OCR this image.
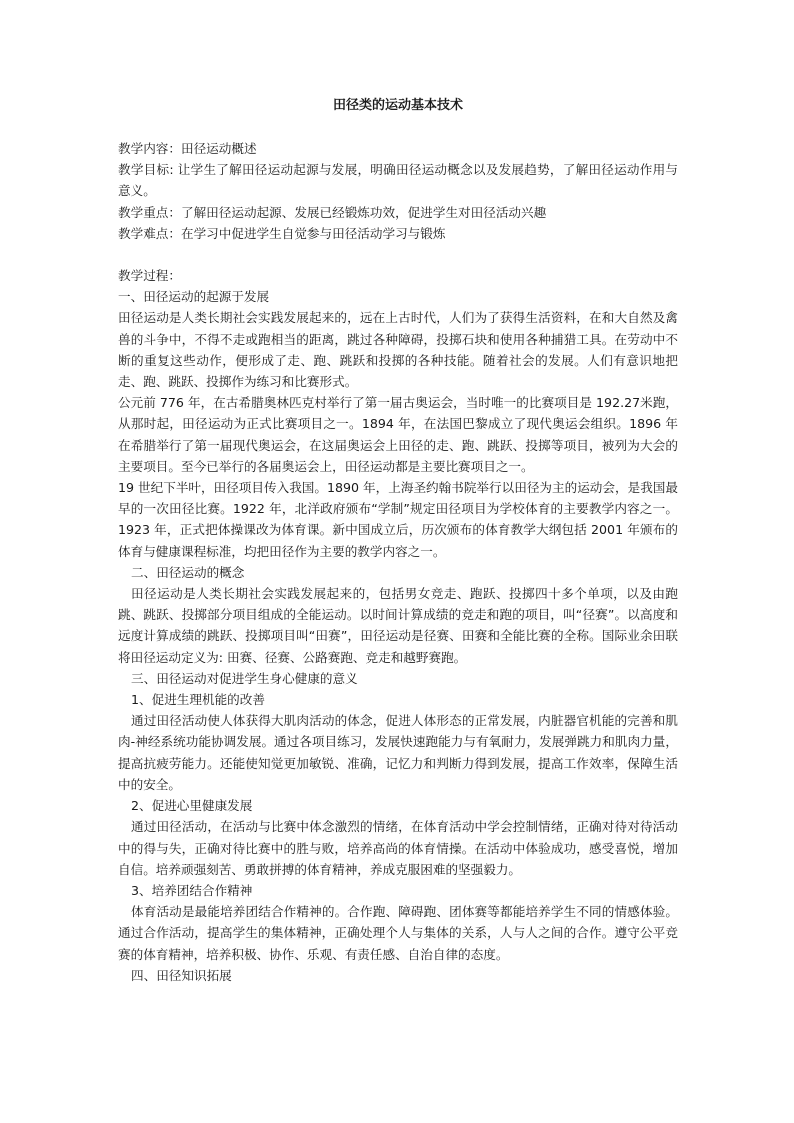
田径类的运动基本技术

教学内容：田径运动概述

教学目标: 让学生了解田径运动起源与发展，明确田径运动概念以及发展趋势，了解田径运动作用与意义。

教学重点：了解田径运动起源、发展已经锻炼功效，促进学生对田径活动兴趣

教学难点：在学习中促进学生自觉参与田径活动学习与锻炼

教学过程：

一、田径运动的起源于发展

田径运动是人类长期社会实践发展起来的，远在上古时代，人们为了获得生活资料，在和大自然及禽兽的斗争中，不得不走或跑相当的距离，跳过各种障碍，投掷石块和使用各种捕猎工具。在劳动中不断的重复这些动作，便形成了走、跑、跳跃和投掷的各种技能。随着社会的发展。人们有意识地把走、跑、跳跃、投掷作为练习和比赛形式。

公元前 776 年，在古希腊奥林匹克村举行了第一届古奥运会，当时唯一的比赛项目是 192.27米跑，从那时起，田径运动为正式比赛项目之一。1894 年，在法国巴黎成立了现代奥运会组织。1896 年在希腊举行了第一届现代奥运会，在这届奥运会上田径的走、跑、跳跃、投掷等项目，被列为大会的主要项目。至今已举行的各届奥运会上，田径运动都是主要比赛项目之一。

19 世纪下半叶，田径项目传入我国。1890 年，上海圣约翰书院举行以田径为主的运动会，是我国最早的一次田径比赛。1922 年，北洋政府颁布“学制”规定田径项目为学校体育的主要教学内容之一。1923 年，正式把体操课改为体育课。新中国成立后，历次颁布的体育教学大纲包括 2001 年颁布的体育与健康课程标准，均把田径作为主要的教学内容之一。

二、田径运动的概念

田径运动是人类长期社会实践发展起来的，包括男女竞走、跑跃、投掷四十多个单项，以及由跑跳、跳跃、投掷部分项目组成的全能运动。以时间计算成绩的竞走和跑的项目，叫“径赛”。以高度和远度计算成绩的跳跃、投掷项目叫“田赛”，田径运动是径赛、田赛和全能比赛的全称。国际业余田联将田径运动定义为: 田赛、径赛、公路赛跑、竞走和越野赛跑。

三、田径运动对促进学生身心健康的意义

1、促进生理机能的改善

通过田径活动使人体获得大肌肉活动的体念，促进人体形态的正常发展，内脏器官机能的完善和肌肉-神经系统功能协调发展。通过各项目练习，发展快速跑能力与有氧耐力，发展弹跳力和肌肉力量，提高抗疲劳能力。还能使知觉更加敏锐、准确，记忆力和判断力得到发展，提高工作效率，保障生活中的安全。

2、促进心里健康发展

通过田径活动，在活动与比赛中体念激烈的情绪，在体育活动中学会控制情绪，正确对待对待活动中的得与失，正确对待比赛中的胜与败，培养高尚的体育情操。在活动中体验成功，感受喜悦，增加自信。培养顽强刻苦、勇敢拼搏的体育精神，养成克服困难的坚强毅力。

3、培养团结合作精神

体育活动是最能培养团结合作精神的。合作跑、障碍跑、团体赛等都能培养学生不同的情感体验。通过合作活动，提高学生的集体精神，正确处理个人与集体的关系，人与人之间的合作。遵守公平竞赛的体育精神，培养积极、协作、乐观、有责任感、自治自律的态度。

四、田径知识拓展
